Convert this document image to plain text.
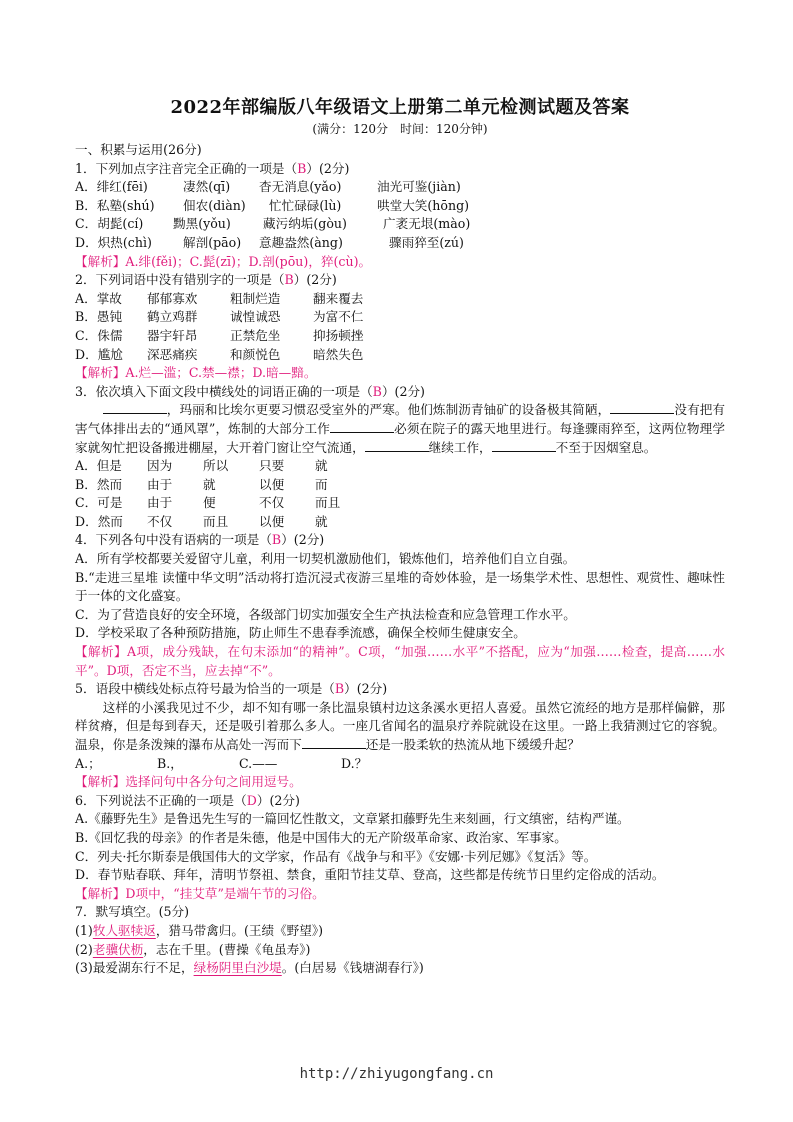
2022年部编版八年级语文上册第二单元检测试题及答案
(满分：120分　时间：120分钟)
一、积累与运用(26分)
1．下列加点字注音完全正确的一项是（B）(2分)
A．绯红(fēi)	凄然(qī) 杳无消息(yǎo)	油光可鉴(jiàn)
B．私塾(shú) 佃农(diàn) 忙忙碌碌(lù)	哄堂大笑(hōng)
C．胡髭(cí) 黝黑(yǒu)	藏污纳垢(gòu)	广袤无垠(mào)
D．炽热(chì) 解剖(pāo) 意趣盎然(àng)	骤雨猝至(zú)
【解析】A.绯(fěi)；C.髭(zī)；D.剖(pōu)，猝(cù)。
2．下列词语中没有错别字的一项是（B）(2分)
A．掌故 郁郁寡欢	粗制烂造	翻来覆去
B．愚钝 鹤立鸡群	诚惶诚恐	为富不仁
C．侏儒 器宇轩昂	正禁危坐	抑扬顿挫
D．尴尬 深恶痛疾	和颜悦色	暗然失色
【解析】A.烂—滥；C.禁—襟；D.暗—黯。
3．依次填入下面文段中横线处的词语正确的一项是（B）(2分)
，玛丽和比埃尔更要习惯忍受室外的严寒。他们炼制沥青铀矿的设备极其简陋，	没有把有害气体排出去的“通风罩”，炼制的大部分工作	必须在院子的露天地里进行。每逢骤雨猝至，这两位物理学家就匆忙把设备搬进棚屋，大开着门窗让空气流通，	继续工作，	不至于因烟窒息。
A．但是 因为 所以 只要 就
B．然而 由于 就	以便 而
C．可是 由于 便	不仅 而且
D．然而 不仅 而且 以便 就
4．下列各句中没有语病的一项是（B）(2分)
A．所有学校都要关爱留守儿童，利用一切契机激励他们，锻炼他们，培养他们自立自强。
B.“走进三星堆 读懂中华文明”活动将打造沉浸式夜游三星堆的奇妙体验，是一场集学术性、思想性、观赏性、趣味性于一体的文化盛宴。
C．为了营造良好的安全环境，各级部门切实加强安全生产执法检查和应急管理工作水平。
D．学校采取了各种预防措施，防止师生不患春季流感，确保全校师生健康安全。
【解析】A项，成分残缺，在句末添加“的精神”。C项，“加强……水平”不搭配，应为“加强……检查，提高……水平”。D项，否定不当，应去掉“不”。
5．语段中横线处标点符号最为恰当的一项是（B）(2分)
这样的小溪我见过不少，却不知有哪一条比温泉镇村边这条溪水更招人喜爱。虽然它流经的地方是那样偏僻，那样贫瘠，但是每到春天，还是吸引着那么多人。一座几省闻名的温泉疗养院就设在这里。一路上我猜测过它的容貌。温泉，你是条泼辣的瀑布从高处一泻而下	还是一股柔软的热流从地下缓缓升起？
A.；	B.，	C.——	D.？
【解析】选择问句中各分句之间用逗号。
6．下列说法不正确的一项是（D）(2分)
A.《藤野先生》是鲁迅先生写的一篇回忆性散文，文章紧扣藤野先生来刻画，行文缜密，结构严谨。
B.《回忆我的母亲》的作者是朱德，他是中国伟大的无产阶级革命家、政治家、军事家。
C．列夫·托尔斯泰是俄国伟大的文学家，作品有《战争与和平》《安娜·卡列尼娜》《复活》等。
D．春节贴春联、拜年，清明节祭祖、禁食，重阳节挂艾草、登高，这些都是传统节日里约定俗成的活动。
【解析】D项中，“挂艾草”是端午节的习俗。
7．默写填空。(5分)
(1)牧人驱犊返，猎马带禽归。(王绩《野望》)
(2)老骥伏枥，志在千里。(曹操《龟虽寿》)
(3)最爱湖东行不足，绿杨阴里白沙堤。(白居易《钱塘湖春行》)
http://zhiyugongfang.cn
